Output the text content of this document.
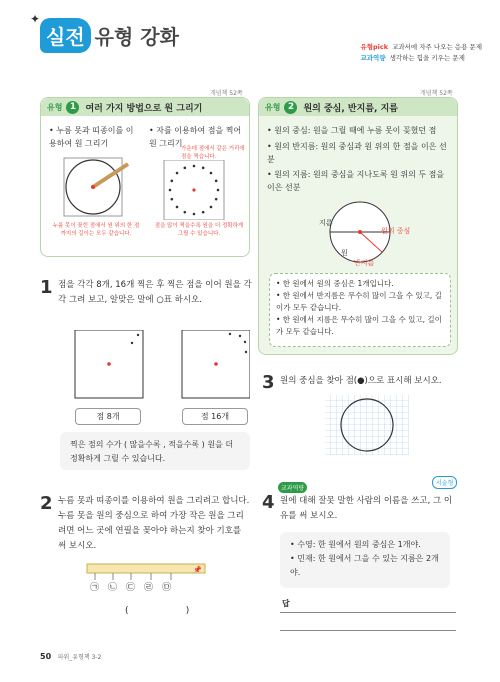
실전 유형 강화
✦
유형pick 교과서에 자주 나오는 응용 문제
교과역량 생각하는 힘을 키우는 문제
개념책 52쪽
유형 1	여러 가지 방법으로 원 그리기
• 누름 못과 띠종이를 이용하여 원 그리기
• 자를 이용하여 점을 찍어 원 그리기
가운데 점에서 같은 거리에 점을 찍습니다.
누름 못이 꽂힌 점에서 원 위의 한 점까지의 길이는 모두 같습니다.
점을 많이 찍을수록 원을 더 정확하게 그릴 수 있습니다.
1 점을 각각 8개, 16개 찍은 후 찍은 점을 이어 원을 각각 그려 보고, 알맞은 말에 ○표 하시오.
점 8개	점 16개
찍은 점의 수가 ( 많을수록 , 적을수록 ) 원을 더 정확하게 그릴 수 있습니다.
2 누름 못과 띠종이를 이용하여 원을 그리려고 합니다. 누름 못을 원의 중심으로 하여 가장 작은 원을 그리려면 어느 곳에 연필을 꽂아야 하는지 찾아 기호를 써 보시오.
📌
㉠ ㉡ ㉢ ㉣ ㉤
(                    )
개념책 52쪽
유형 2	원의 중심, 반지름, 지름
• 원의 중심: 원을 그릴 때에 누름 못이 꽂혔던 점
• 원의 반지름: 원의 중심과 원 위의 한 점을 이은 선분
• 원의 지름: 원의 중심을 지나도록 원 위의 두 점을 이은 선분
지름
원의 중심
원
반지름
• 한 원에서 원의 중심은 1개입니다.
• 한 원에서 반지름은 무수히 많이 그을 수 있고, 길이가 모두 같습니다.
• 한 원에서 지름은 무수히 많이 그을 수 있고, 길이가 모두 같습니다.
3 원의 중심을 찾아 점(●)으로 표시해 보시오.
교과역량
서술형
4 원에 대해 잘못 말한 사람의 이름을 쓰고, 그 이유를 써 보시오.
• 수영: 한 원에서 원의 중심은 1개야.
• 민재: 한 원에서 그을 수 있는 지름은 2개야.
답
50 파워_유형책 3-2
